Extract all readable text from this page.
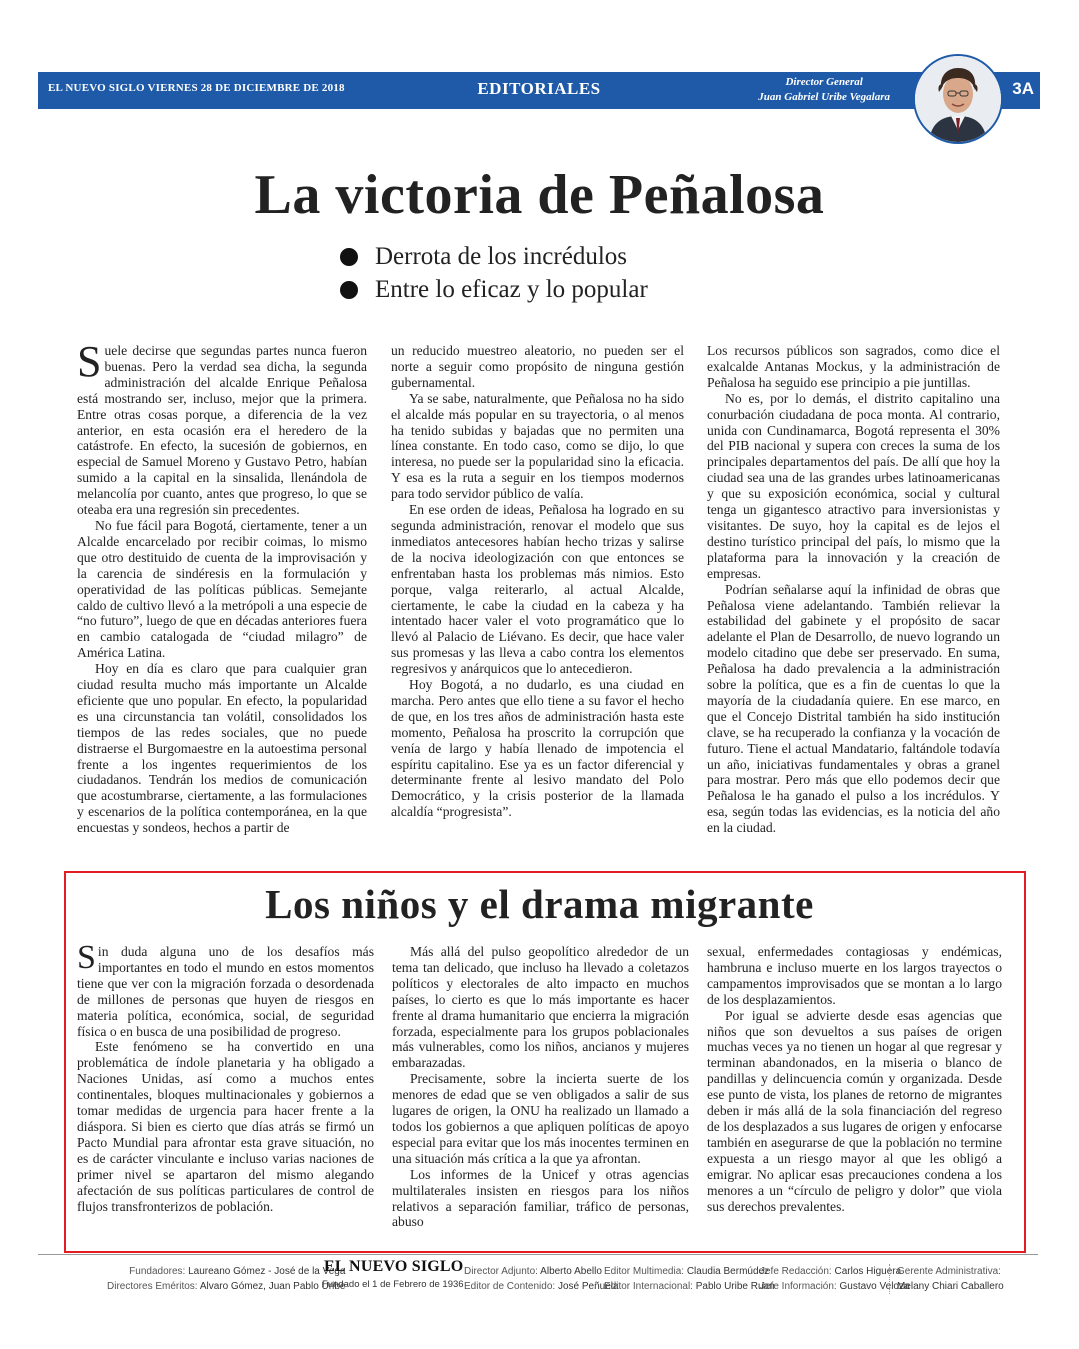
EL NUEVO SIGLO VIERNES 28 DE DICIEMBRE DE 2018	EDITORIALES	Director General
Juan Gabriel Uribe Vegalara	3A
La victoria de Peñalosa
Derrota de los incrédulos
Entre lo eficaz y lo popular

Suele decirse que segundas partes nunca fueron buenas. Pero la verdad sea dicha, la segunda administración del alcalde Enrique Peñalosa está mostrando ser, incluso, mejor que la primera. Entre otras cosas porque, a diferencia de la vez anterior, en esta ocasión era el heredero de la catástrofe. En efecto, la sucesión de gobiernos, en especial de Samuel Moreno y Gustavo Petro, habían sumido a la capital en la sinsalida, llenándola de melancolía por cuanto, antes que progreso, lo que se oteaba era una regresión sin precedentes.

No fue fácil para Bogotá, ciertamente, tener a un Alcalde encarcelado por recibir coimas, lo mismo que otro destituido de cuenta de la improvisación y la carencia de sindéresis en la formulación y operatividad de las políticas públicas. Semejante caldo de cultivo llevó a la metrópoli a una especie de “no futuro”, luego de que en décadas anteriores fuera en cambio catalogada de “ciudad milagro” de América Latina.

Hoy en día es claro que para cualquier gran ciudad resulta mucho más importante un Alcalde eficiente que uno popular. En efecto, la popularidad es una circunstancia tan volátil, consolidados los tiempos de las redes sociales, que no puede distraerse el Burgomaestre en la autoestima personal frente a los ingentes requerimientos de los ciudadanos. Tendrán los medios de comunicación que acostumbrarse, ciertamente, a las formulaciones y escenarios de la política contemporánea, en la que encuestas y sondeos, hechos a partir de

un reducido muestreo aleatorio, no pueden ser el norte a seguir como propósito de ninguna gestión gubernamental.

Ya se sabe, naturalmente, que Peñalosa no ha sido el alcalde más popular en su trayectoria, o al menos ha tenido subidas y bajadas que no permiten una línea constante. En todo caso, como se dijo, lo que interesa, no puede ser la popularidad sino la eficacia. Y esa es la ruta a seguir en los tiempos modernos para todo servidor público de valía.

En ese orden de ideas, Peñalosa ha logrado en su segunda administración, renovar el modelo que sus inmediatos antecesores habían hecho trizas y salirse de la nociva ideologización con que entonces se enfrentaban hasta los problemas más nimios. Esto porque, valga reiterarlo, al actual Alcalde, ciertamente, le cabe la ciudad en la cabeza y ha intentado hacer valer el voto programático que lo llevó al Palacio de Liévano. Es decir, que hace valer sus promesas y las lleva a cabo contra los elementos regresivos y anárquicos que lo antecedieron.

Hoy Bogotá, a no dudarlo, es una ciudad en marcha. Pero antes que ello tiene a su favor el hecho de que, en los tres años de administración hasta este momento, Peñalosa ha proscrito la corrupción que venía de largo y había llenado de impotencia el espíritu capitalino. Ese ya es un factor diferencial y determinante frente al lesivo mandato del Polo Democrático, y la crisis posterior de la llamada alcaldía “progresista”.

Los recursos públicos son sagrados, como dice el exalcalde Antanas Mockus, y la administración de Peñalosa ha seguido ese principio a pie juntillas.

No es, por lo demás, el distrito capitalino una conurbación ciudadana de poca monta. Al contrario, unida con Cundinamarca, Bogotá representa el 30% del PIB nacional y supera con creces la suma de los principales departamentos del país. De allí que hoy la ciudad sea una de las grandes urbes latinoamericanas y que su exposición económica, social y cultural tenga un gigantesco atractivo para inversionistas y visitantes. De suyo, hoy la capital es de lejos el destino turístico principal del país, lo mismo que la plataforma para la innovación y la creación de empresas.

Podrían señalarse aquí la infinidad de obras que Peñalosa viene adelantando. También relievar la estabilidad del gabinete y el propósito de sacar adelante el Plan de Desarrollo, de nuevo logrando un modelo citadino que debe ser preservado. En suma, Peñalosa ha dado prevalencia a la administración sobre la política, que es a fin de cuentas lo que la mayoría de la ciudadanía quiere. En ese marco, en que el Concejo Distrital también ha sido institución clave, se ha recuperado la confianza y la vocación de futuro. Tiene el actual Mandatario, faltándole todavía un año, iniciativas fundamentales y obras a granel para mostrar. Pero más que ello podemos decir que Peñalosa le ha ganado el pulso a los incrédulos. Y esa, según todas las evidencias, es la noticia del año en la ciudad.

Los niños y el drama migrante

Sin duda alguna uno de los desafíos más importantes en todo el mundo en estos momentos tiene que ver con la migración forzada o desordenada de millones de personas que huyen de riesgos en materia política, económica, social, de seguridad física o en busca de una posibilidad de progreso.

Este fenómeno se ha convertido en una problemática de índole planetaria y ha obligado a Naciones Unidas, así como a muchos entes continentales, bloques multinacionales y gobiernos a tomar medidas de urgencia para hacer frente a la diáspora. Si bien es cierto que días atrás se firmó un Pacto Mundial para afrontar esta grave situación, no es de carácter vinculante e incluso varias naciones de primer nivel se apartaron del mismo alegando afectación de sus políticas particulares de control de flujos transfronterizos de población.

Más allá del pulso geopolítico alrededor de un tema tan delicado, que incluso ha llevado a coletazos políticos y electorales de alto impacto en muchos países, lo cierto es que lo más importante es hacer frente al drama humanitario que encierra la migración forzada, especialmente para los grupos poblacionales más vulnerables, como los niños, ancianos y mujeres embarazadas.

Precisamente, sobre la incierta suerte de los menores de edad que se ven obligados a salir de sus lugares de origen, la ONU ha realizado un llamado a todos los gobiernos a que apliquen políticas de apoyo especial para evitar que los más inocentes terminen en una situación más crítica a la que ya afrontan.

Los informes de la Unicef y otras agencias multilaterales insisten en riesgos para los niños relativos a separación familiar, tráfico de personas, abuso

sexual, enfermedades contagiosas y endémicas, hambruna e incluso muerte en los largos trayectos o campamentos improvisados que se montan a lo largo de los desplazamientos.

Por igual se advierte desde esas agencias que niños que son devueltos a sus países de origen muchas veces ya no tienen un hogar al que regresar y terminan abandonados, en la miseria o blanco de pandillas y delincuencia común y organizada. Desde ese punto de vista, los planes de retorno de migrantes deben ir más allá de la sola financiación del regreso de los desplazados a sus lugares de origen y enfocarse también en asegurarse de que la población no termine expuesta a un riesgo mayor al que les obligó a emigrar. No aplicar esas precauciones condena a los menores a un “círculo de peligro y dolor” que viola sus derechos prevalentes.

Fundadores: Laureano Gómez - José de la Vega
Directores Eméritos: Alvaro Gómez, Juan Pablo Uribe
EL NUEVO SIGLO
Fundado el 1 de Febrero de 1936
Director Adjunto: Alberto Abello
Editor de Contenido: José Peñuela
Editor Multimedia: Claudia Bermúdez
Editor Internacional: Pablo Uribe Ruan
Jefe Redacción: Carlos Higuera
Jefe Información: Gustavo Veloza
Gerente Administrativa:
Melany Chiari Caballero
